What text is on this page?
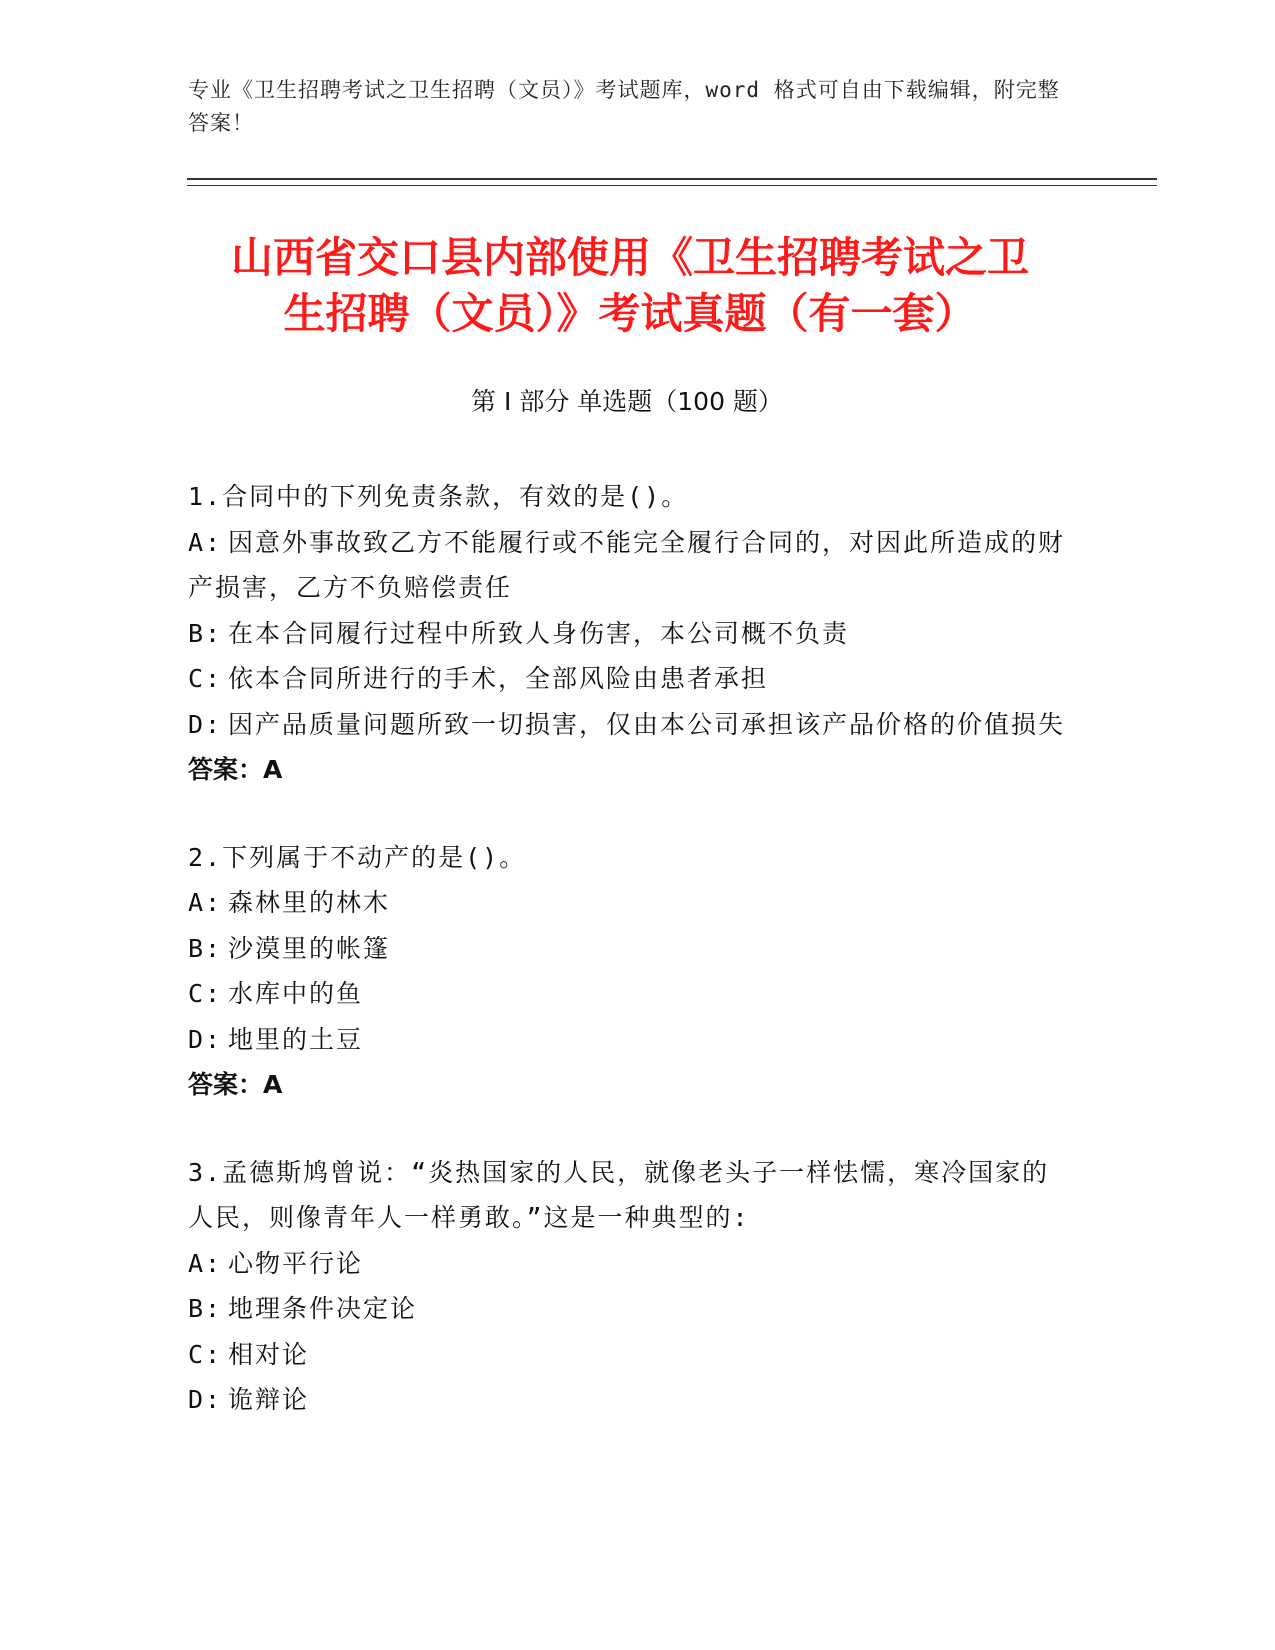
专业《卫生招聘考试之卫生招聘（文员）》考试题库，word 格式可自由下载编辑，附完整答案！
山西省交口县内部使用《卫生招聘考试之卫
生招聘（文员）》考试真题（有一套）
第 I 部分 单选题（100 题）
1.合同中的下列免责条款，有效的是()。
A: 因意外事故致乙方不能履行或不能完全履行合同的，对因此所造成的财产损害，乙方不负赔偿责任
B: 在本合同履行过程中所致人身伤害，本公司概不负责
C: 依本合同所进行的手术，全部风险由患者承担
D: 因产品质量问题所致一切损害，仅由本公司承担该产品价格的价值损失
答案：A
2.下列属于不动产的是()。
A: 森林里的林木
B: 沙漠里的帐篷
C: 水库中的鱼
D: 地里的土豆
答案：A
3.孟德斯鸠曾说：“炎热国家的人民，就像老头子一样怯懦，寒冷国家的人民，则像青年人一样勇敢。”这是一种典型的:
A: 心物平行论
B: 地理条件决定论
C: 相对论
D: 诡辩论
